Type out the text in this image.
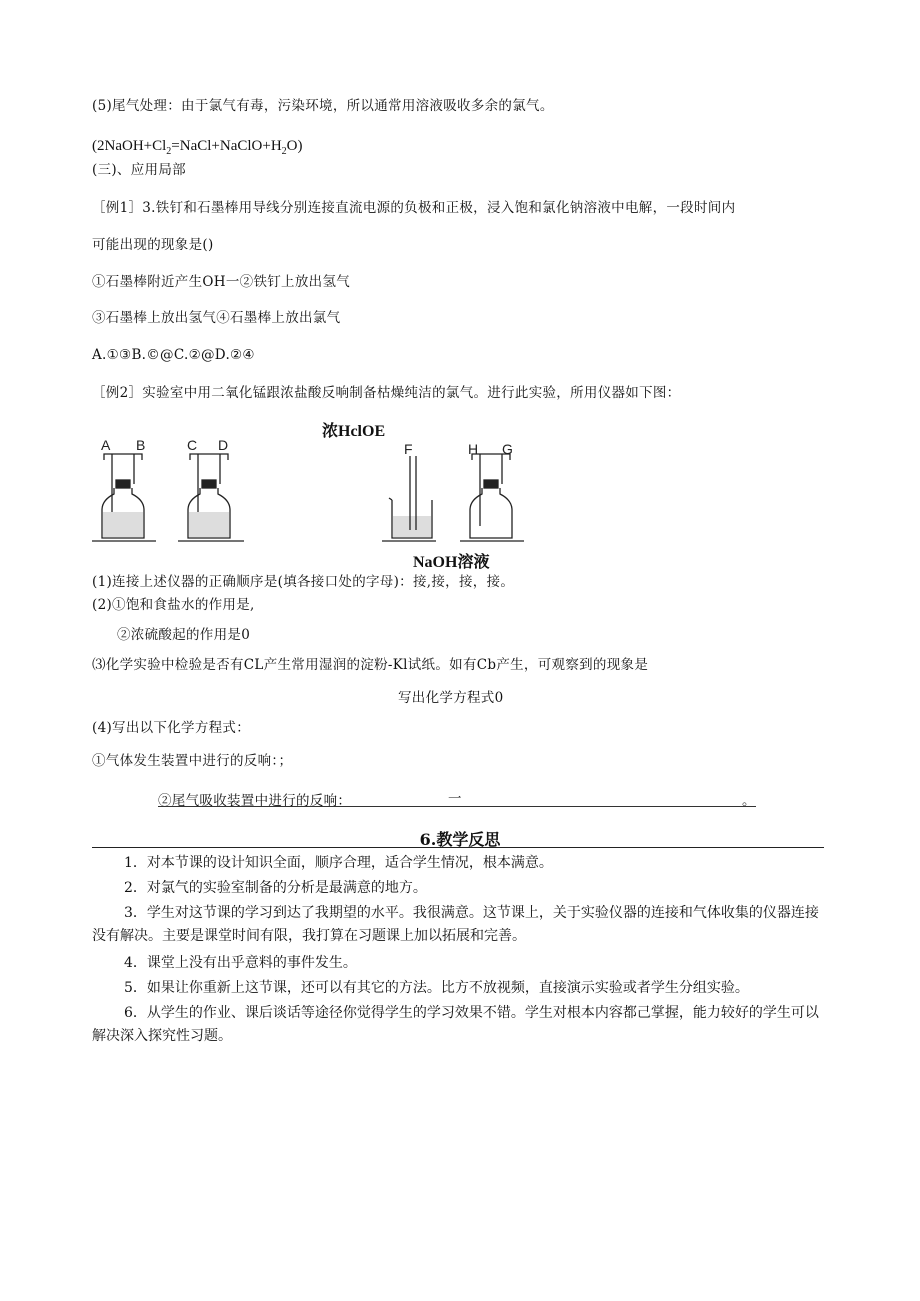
(5)尾气处理：由于氯气有毒，污染环境，所以通常用溶液吸收多余的氯气。
$(2NaOH+Cl_2=NaCl+NaClO+H_2O)$
(三)、应用局部
［例1］3.铁钉和石墨棒用导线分别连接直流电源的负极和正极，浸入饱和氯化钠溶液中电解，一段时间内
可能出现的现象是()
①石墨棒附近产生OH一②铁钉上放出氢气
③石墨棒上放出氢气④石墨棒上放出氯气
A.①③B.©@C.②@D.②④
［例2］实验室中用二氧化锰跟浓盐酸反响制备枯燥纯洁的氯气。进行此实验，所用仪器如下图：
浓HclOE
A B	C D	F	H G
NaOH溶液
(1)连接上述仪器的正确顺序是(填各接口处的字母)：接,接，接，接。
(2)①饱和食盐水的作用是,
②浓硫酸起的作用是0
⑶化学实验中检验是否有CL产生常用湿润的淀粉-Kl试纸。如有Cb产生，可观察到的现象是
写出化学方程式0
(4)写出以下化学方程式：
①气体发生装置中进行的反响：；
②尾气吸收装置中进行的反响：	一	。
6.教学反思
1．对本节课的设计知识全面，顺序合理，适合学生情况，根本满意。
2．对氯气的实验室制备的分析是最满意的地方。
3．学生对这节课的学习到达了我期望的水平。我很满意。这节课上，关于实验仪器的连接和气体收集的仪器连接没有解决。主要是课堂时间有限，我打算在习题课上加以拓展和完善。
4．课堂上没有出乎意料的事件发生。
5．如果让你重新上这节课，还可以有其它的方法。比方不放视频，直接演示实验或者学生分组实验。
6．从学生的作业、课后谈话等途径你觉得学生的学习效果不错。学生对根本内容都己掌握，能力较好的学生可以解决深入探究性习题。
